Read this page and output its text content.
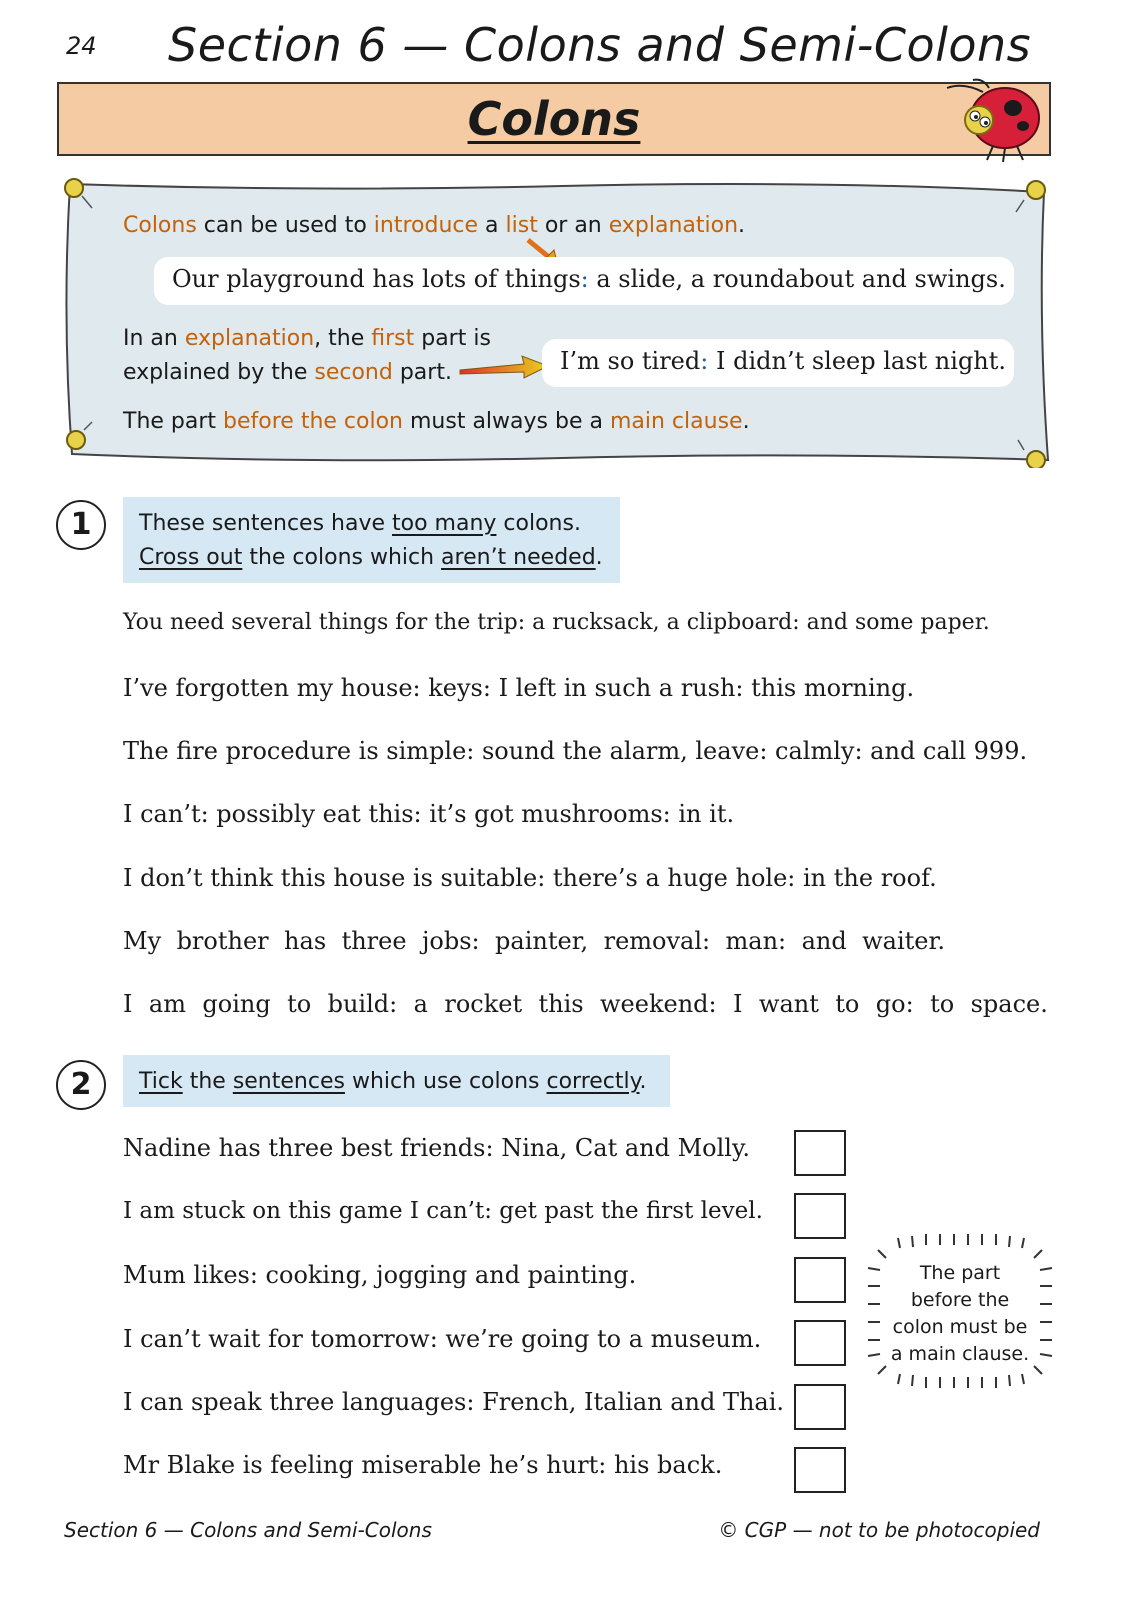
24 Section 6 — Colons and Semi-Colons
Colons
Colons can be used to introduce a list or an explanation.
Our playground has lots of things: a slide, a roundabout and swings.
In an explanation, the first part is
explained by the second part.	I’m so tired: I didn’t sleep last night.
The part before the colon must always be a main clause.
1	These sentences have too many colons.
Cross out the colons which aren’t needed.
You need several things for the trip: a rucksack, a clipboard: and some paper.
I’ve forgotten my house: keys: I left in such a rush: this morning.
The fire procedure is simple: sound the alarm, leave: calmly: and call 999.
I can’t: possibly eat this: it’s got mushrooms: in it.
I don’t think this house is suitable: there’s a huge hole: in the roof.
My brother has three jobs: painter, removal: man: and waiter.
I am going to build: a rocket this weekend: I want to go: to space.
2	Tick the sentences which use colons correctly.
Nadine has three best friends: Nina, Cat and Molly.
I am stuck on this game I can’t: get past the first level.
Mum likes: cooking, jogging and painting.
I can’t wait for tomorrow: we’re going to a museum.
I can speak three languages: French, Italian and Thai.
Mr Blake is feeling miserable he’s hurt: his back.
The part
before the
colon must be
a main clause.
Section 6 — Colons and Semi-Colons	© CGP — not to be photocopied
